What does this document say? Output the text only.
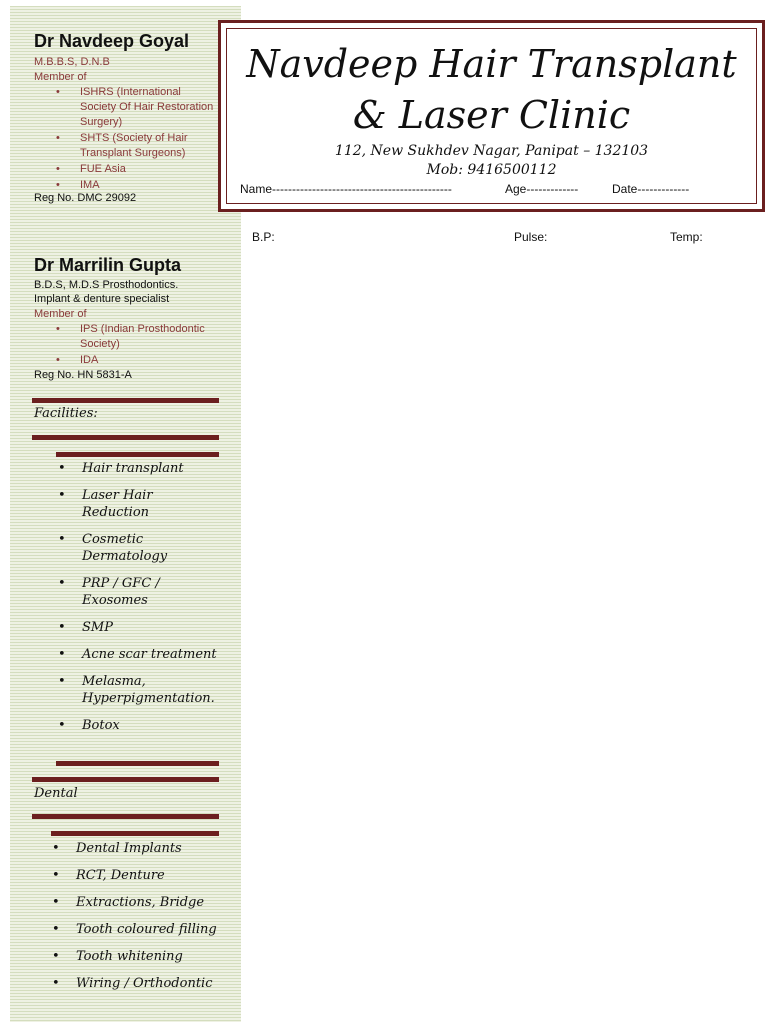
Dr Navdeep Goyal
M.B.B.S, D.N.B
Member of
• ISHRS (International Society Of Hair Restoration Surgery)
• SHTS (Society of Hair Transplant Surgeons)
• FUE Asia
• IMA
Reg No. DMC 29092
Dr Marrilin Gupta
B.D.S, M.D.S Prosthodontics.
Implant & denture specialist
Member of
• IPS (Indian Prosthodontic Society)
• IDA
Reg No. HN 5831-A
Facilities:
• Hair transplant
• Laser Hair Reduction
• Cosmetic Dermatology
• PRP / GFC / Exosomes
• SMP
• Acne scar treatment
• Melasma, Hyperpigmentation.
• Botox
Dental
• Dental Implants
• RCT, Denture
• Extractions, Bridge
• Tooth coloured filling
• Tooth whitening
• Wiring / Orthodontic
Navdeep Hair Transplant
& Laser Clinic
112, New Sukhdev Nagar, Panipat – 132103
Mob: 9416500112
Name---------------------------------------------	Age-------------	Date-------------
B.P:	Pulse:	Temp:
